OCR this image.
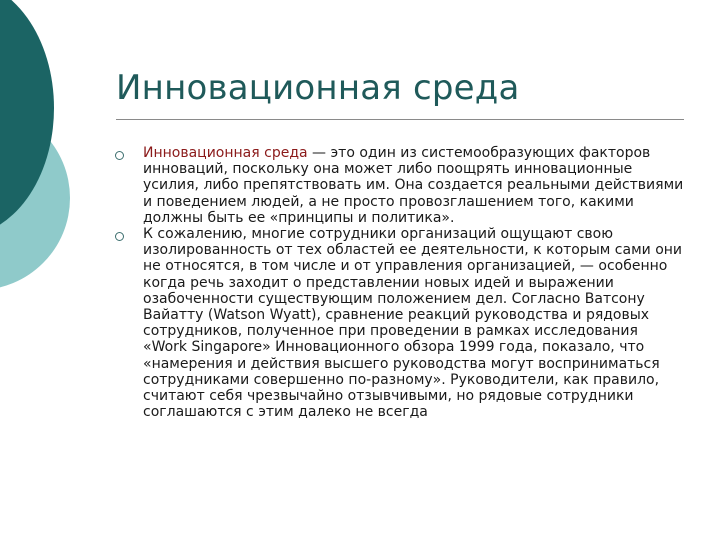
Инновационная среда
Инновационная среда — это один из системообразующих факторов инноваций, поскольку она может либо поощрять инновационные усилия, либо препятствовать им. Она создается реальными действиями и поведением людей, а не просто провозглашением того, какими должны быть ее «принципы и политика».
К сожалению, многие сотрудники организаций ощущают свою изолированность от тех областей ее деятельности, к которым сами они не относятся, в том числе и от управления организацией, — особенно когда речь заходит о представлении новых идей и выражении озабоченности существующим положением дел. Согласно Ватсону Вайатту (Watson Wyatt), сравнение реакций руководства и рядовых сотрудников, полученное при проведении в рамках исследования «Work Singapore» Инновационного обзора 1999 года, показало, что «намерения и действия высшего руководства могут восприниматься сотрудниками совершенно по-разному». Руководители, как правило, считают себя чрезвычайно отзывчивыми, но рядовые сотрудники соглашаются с этим далеко не всегда
